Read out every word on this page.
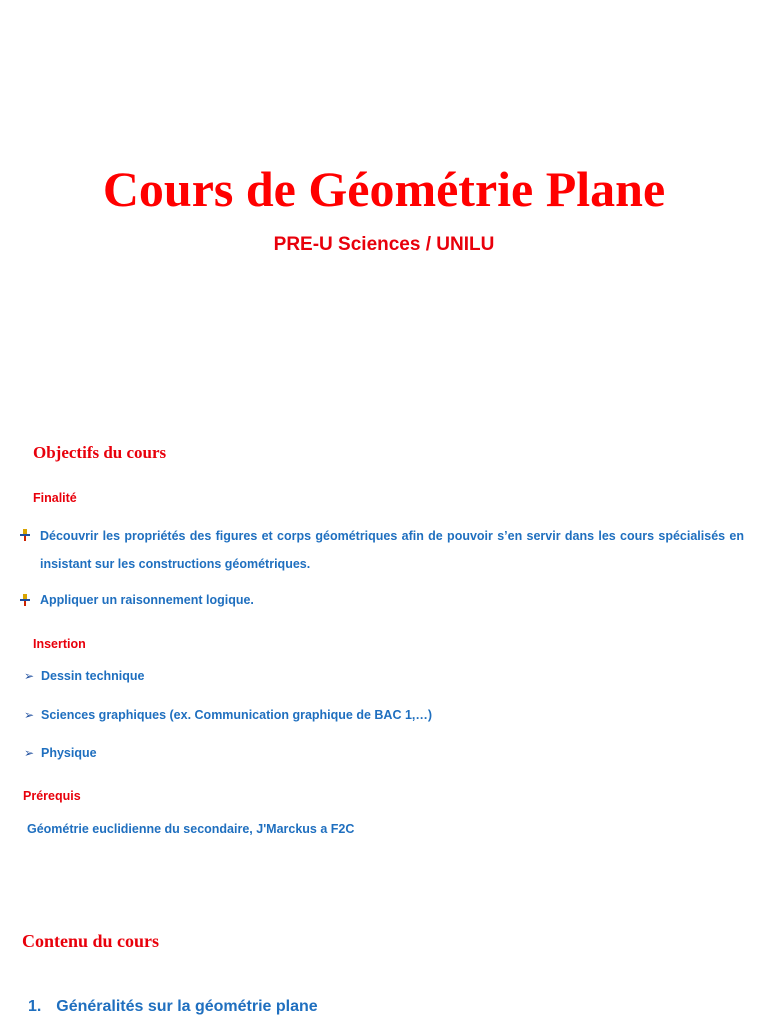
Cours de Géométrie Plane
PRE-U Sciences / UNILU
Objectifs du cours
Finalité
Découvrir les propriétés des figures et corps géométriques afin de pouvoir s’en servir dans les cours spécialisés en insistant sur les constructions géométriques.
Appliquer un raisonnement logique.
Insertion
➢ Dessin technique
➢ Sciences graphiques (ex. Communication graphique de BAC 1,…)
➢ Physique
Prérequis
Géométrie euclidienne du secondaire, J'Marckus a F2C
Contenu du cours
1. Généralités sur la géométrie plane
